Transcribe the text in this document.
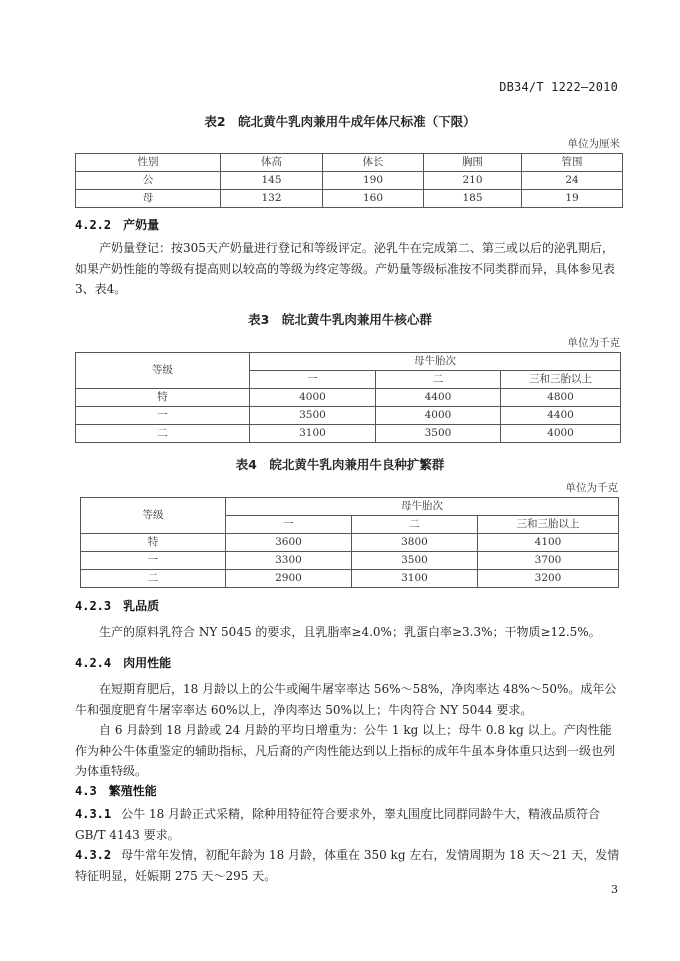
DB34/T 1222—2010
表2　皖北黄牛乳肉兼用牛成年体尺标准（下限）
单位为厘米
性别	体高	体长	胸围	管围
公	145	190	210	24
母	132	160	185	19
4.2.2 产奶量

产奶量登记：按305天产奶量进行登记和等级评定。泌乳牛在完成第二、第三或以后的泌乳期后，如果产奶性能的等级有提高则以较高的等级为终定等级。产奶量等级标准按不同类群而异，具体参见表3、表4。

表3　皖北黄牛乳肉兼用牛核心群
单位为千克
等级	母牛胎次		
	一	二	三和三胎以上
特	4000	4400	4800
一	3500	4000	4400
二	3100	3500	4000
表4　皖北黄牛乳肉兼用牛良种扩繁群
单位为千克
等级	母牛胎次		
	一	二	三和三胎以上
特	3600	3800	4100
一	3300	3500	3700
二	2900	3100	3200
4.2.3 乳品质

生产的原料乳符合 NY 5045 的要求，且乳脂率≥4.0%；乳蛋白率≥3.3%；干物质≥12.5%。

4.2.4 肉用性能

在短期育肥后，18 月龄以上的公牛或阉牛屠宰率达 56%～58%，净肉率达 48%～50%。成年公牛和强度肥育牛屠宰率达 60%以上，净肉率达 50%以上；牛肉符合 NY 5044 要求。

自 6 月龄到 18 月龄或 24 月龄的平均日增重为：公牛 1 kg 以上；母牛 0.8 kg 以上。产肉性能作为种公牛体重鉴定的辅助指标，凡后裔的产肉性能达到以上指标的成年牛虽本身体重只达到一级也列为体重特级。

4.3 繁殖性能

4.3.1 公牛 18 月龄正式采精，除种用特征符合要求外，睾丸围度比同群同龄牛大，精液品质符合 GB/T 4143 要求。

4.3.2 母牛常年发情，初配年龄为 18 月龄，体重在 350 kg 左右，发情周期为 18 天～21 天，发情特征明显，妊娠期 275 天～295 天。

3
